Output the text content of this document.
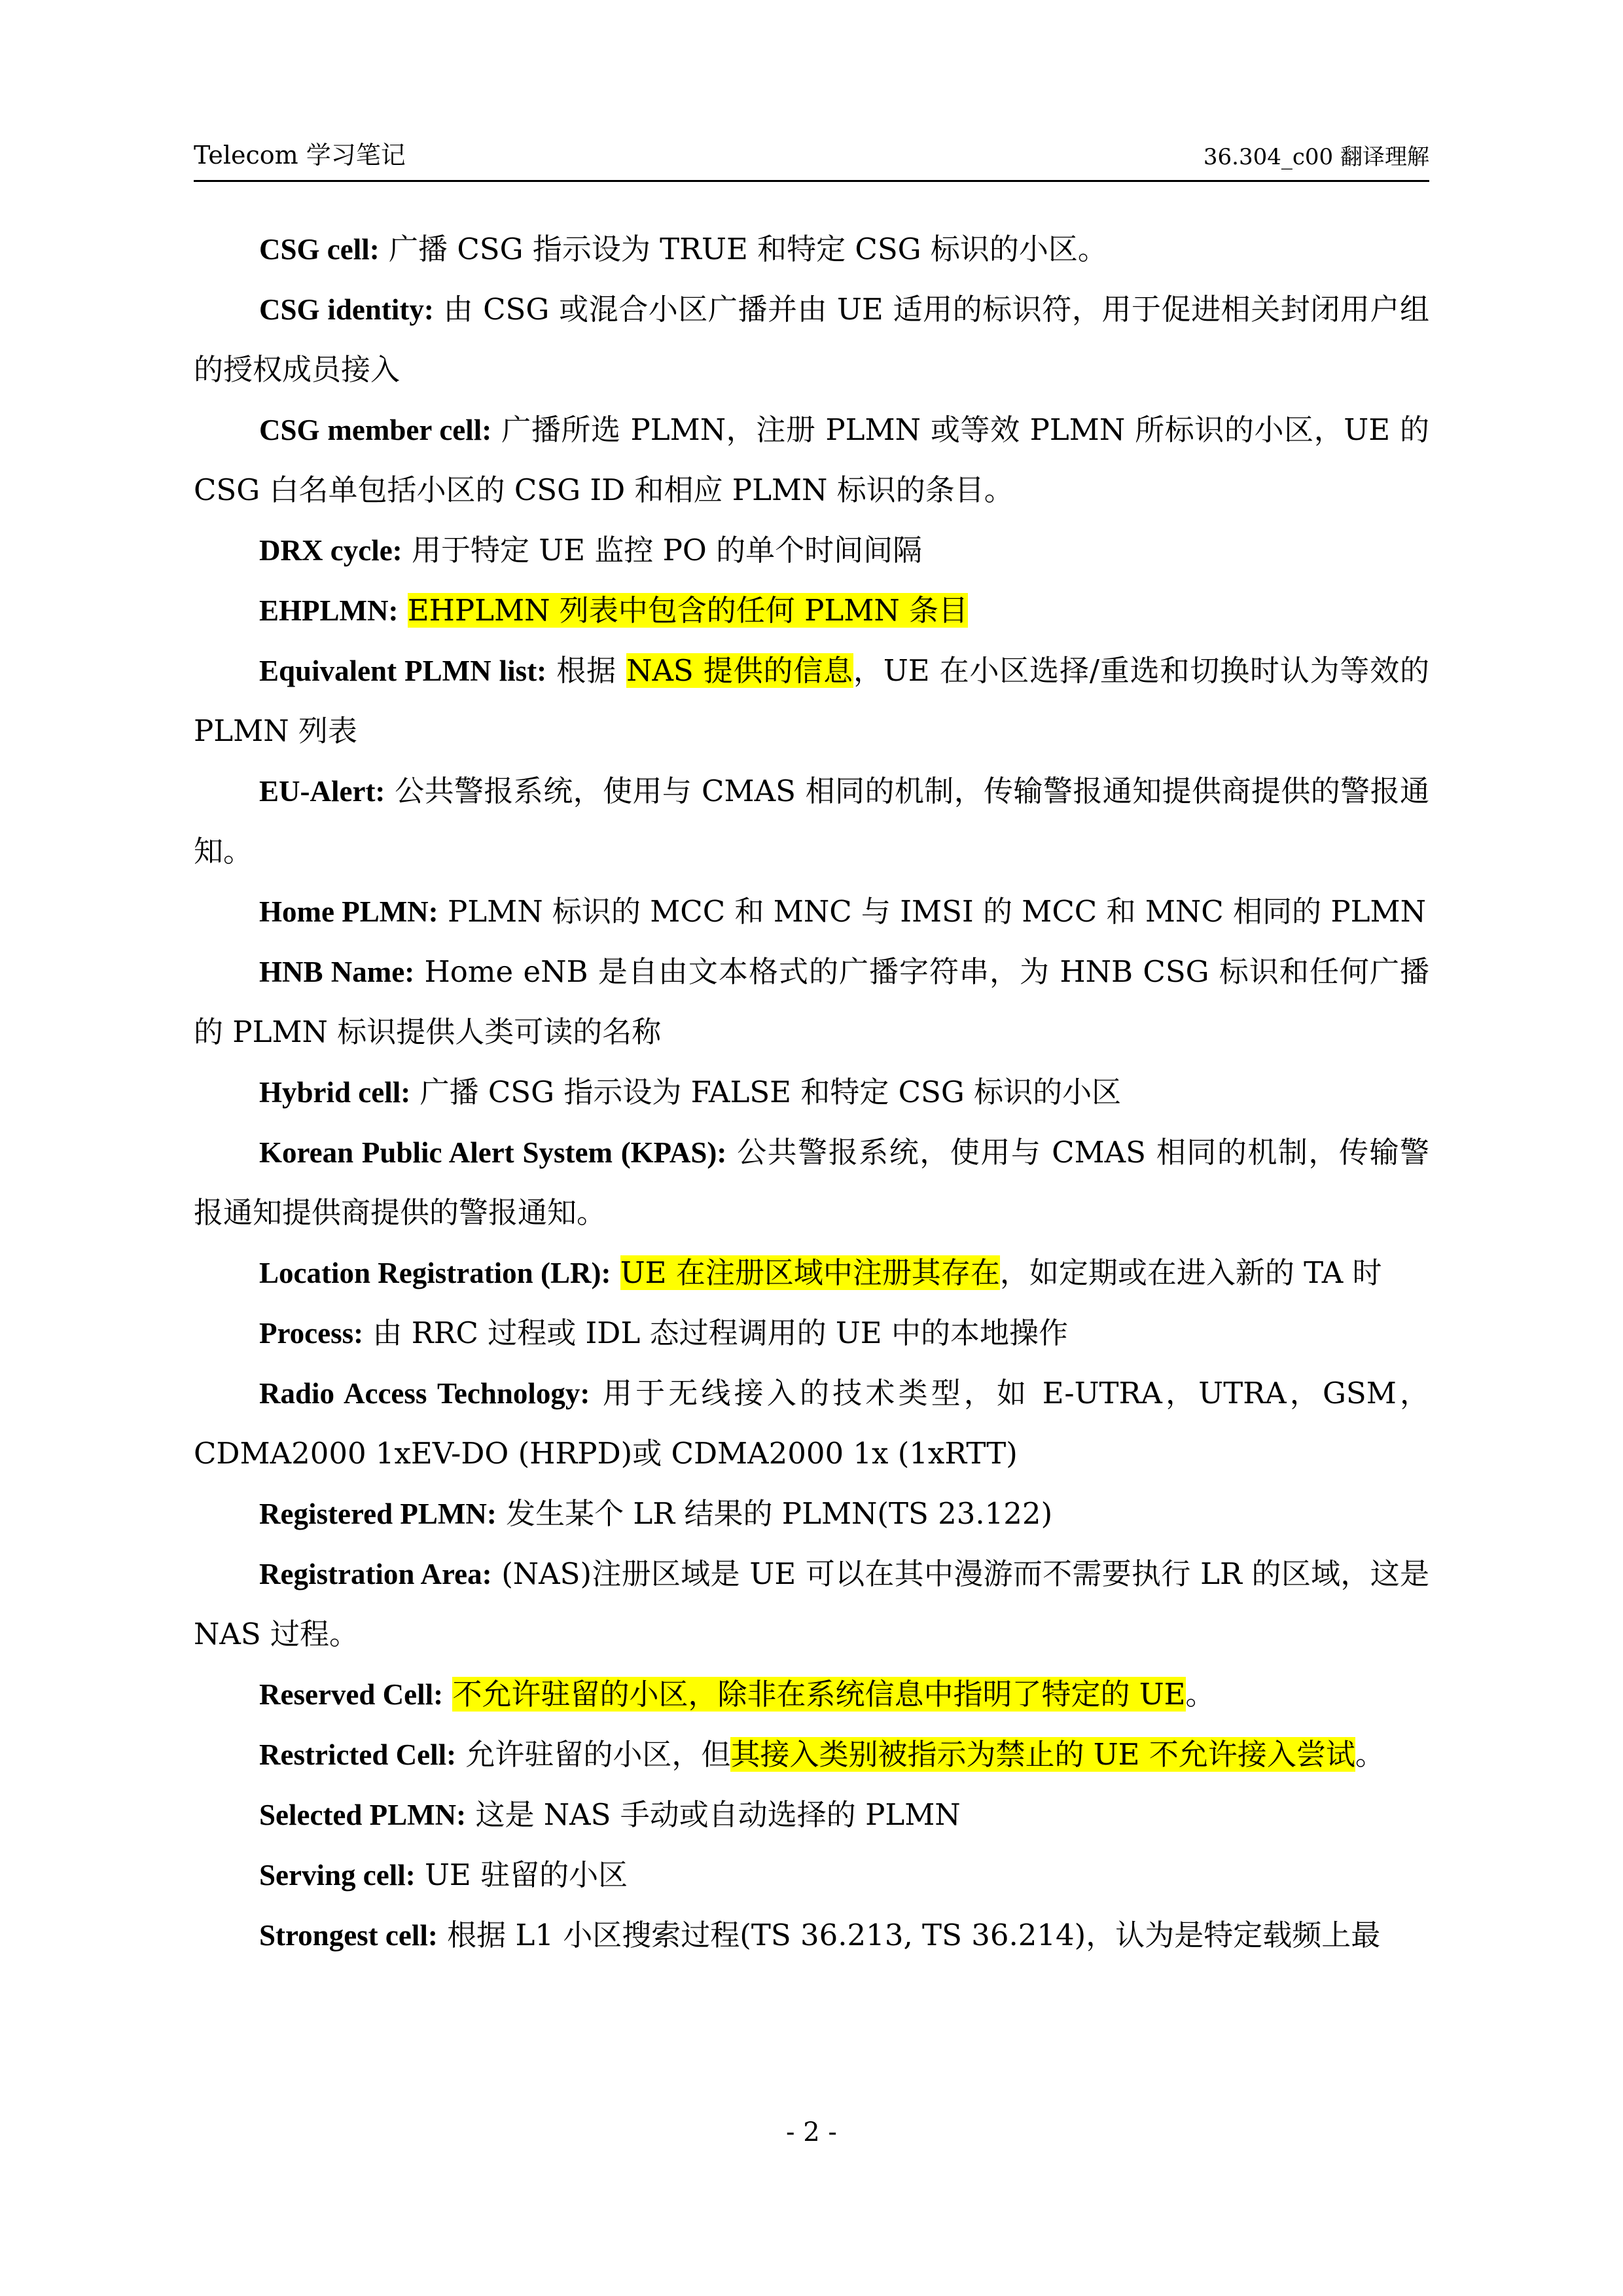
Telecom 学习笔记	36.304_c00 翻译理解

CSG cell: 广播 CSG 指示设为 TRUE 和特定 CSG 标识的小区。

CSG identity: 由 CSG 或混合小区广播并由 UE 适用的标识符，用于促进相关封闭用户组的授权成员接入

CSG member cell: 广播所选 PLMN，注册 PLMN 或等效 PLMN 所标识的小区，UE 的 CSG 白名单包括小区的 CSG ID 和相应 PLMN 标识的条目。

DRX cycle: 用于特定 UE 监控 PO 的单个时间间隔

EHPLMN: EHPLMN 列表中包含的任何 PLMN 条目

Equivalent PLMN list: 根据 NAS 提供的信息，UE 在小区选择/重选和切换时认为等效的 PLMN 列表

EU-Alert: 公共警报系统，使用与 CMAS 相同的机制，传输警报通知提供商提供的警报通知。

Home PLMN: PLMN 标识的 MCC 和 MNC 与 IMSI 的 MCC 和 MNC 相同的 PLMN

HNB Name: Home eNB 是自由文本格式的广播字符串，为 HNB CSG 标识和任何广播的 PLMN 标识提供人类可读的名称

Hybrid cell: 广播 CSG 指示设为 FALSE 和特定 CSG 标识的小区

Korean Public Alert System (KPAS): 公共警报系统，使用与 CMAS 相同的机制，传输警报通知提供商提供的警报通知。

Location Registration (LR): UE 在注册区域中注册其存在，如定期或在进入新的 TA 时

Process: 由 RRC 过程或 IDL 态过程调用的 UE 中的本地操作

Radio Access Technology: 用于无线接入的技术类型，如 E-UTRA，UTRA，GSM，CDMA2000 1xEV-DO (HRPD)或 CDMA2000 1x (1xRTT)

Registered PLMN: 发生某个 LR 结果的 PLMN(TS 23.122)

Registration Area: (NAS)注册区域是 UE 可以在其中漫游而不需要执行 LR 的区域，这是 NAS 过程。

Reserved Cell: 不允许驻留的小区，除非在系统信息中指明了特定的 UE。

Restricted Cell: 允许驻留的小区，但其接入类别被指示为禁止的 UE 不允许接入尝试。

Selected PLMN: 这是 NAS 手动或自动选择的 PLMN

Serving cell: UE 驻留的小区

Strongest cell: 根据 L1 小区搜索过程(TS 36.213, TS 36.214)，认为是特定载频上最

- 2 -
